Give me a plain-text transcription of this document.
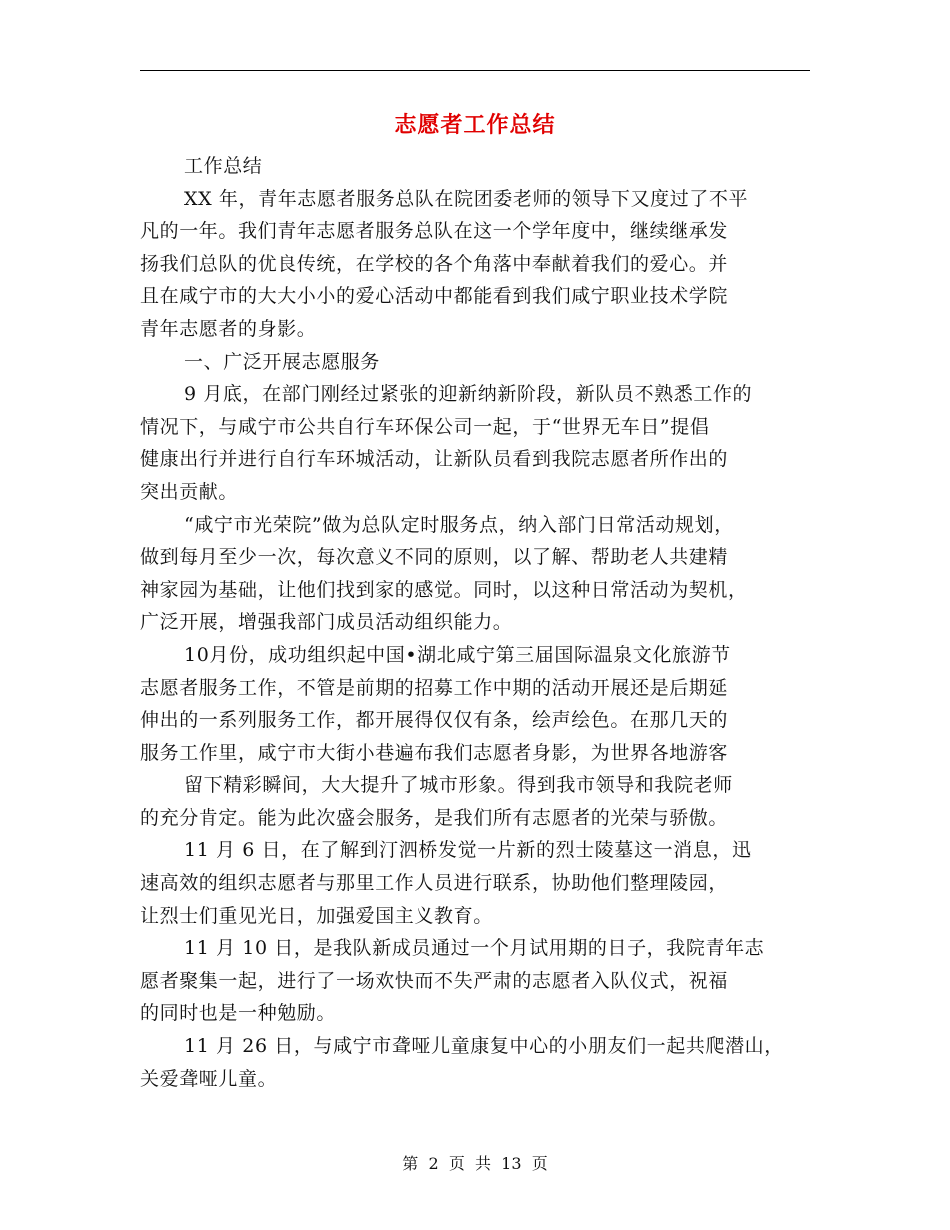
志愿者工作总结
工作总结
XX 年，青年志愿者服务总队在院团委老师的领导下又度过了不平
凡的一年。我们青年志愿者服务总队在这一个学年度中，继续继承发
扬我们总队的优良传统，在学校的各个角落中奉献着我们的爱心。并
且在咸宁市的大大小小的爱心活动中都能看到我们咸宁职业技术学院
青年志愿者的身影。
一、广泛开展志愿服务
9 月底，在部门刚经过紧张的迎新纳新阶段，新队员不熟悉工作的
情况下，与咸宁市公共自行车环保公司一起，于“世界无车日”提倡
健康出行并进行自行车环城活动，让新队员看到我院志愿者所作出的
突出贡献。
“咸宁市光荣院”做为总队定时服务点，纳入部门日常活动规划，
做到每月至少一次，每次意义不同的原则，以了解、帮助老人共建精
神家园为基础，让他们找到家的感觉。同时，以这种日常活动为契机，
广泛开展，增强我部门成员活动组织能力。
10月份，成功组织起中国•湖北咸宁第三届国际温泉文化旅游节
志愿者服务工作，不管是前期的招募工作中期的活动开展还是后期延
伸出的一系列服务工作，都开展得仅仅有条，绘声绘色。在那几天的
服务工作里，咸宁市大街小巷遍布我们志愿者身影，为世界各地游客
留下精彩瞬间，大大提升了城市形象。得到我市领导和我院老师
的充分肯定。能为此次盛会服务，是我们所有志愿者的光荣与骄傲。
11 月 6 日，在了解到汀泗桥发觉一片新的烈士陵墓这一消息，迅
速高效的组织志愿者与那里工作人员进行联系，协助他们整理陵园，
让烈士们重见光日，加强爱国主义教育。
11 月 10 日，是我队新成员通过一个月试用期的日子，我院青年志
愿者聚集一起，进行了一场欢快而不失严肃的志愿者入队仪式，祝福
的同时也是一种勉励。
11 月 26 日，与咸宁市聋哑儿童康复中心的小朋友们一起共爬潜山，
关爱聋哑儿童。
第  2  页  共  13  页
